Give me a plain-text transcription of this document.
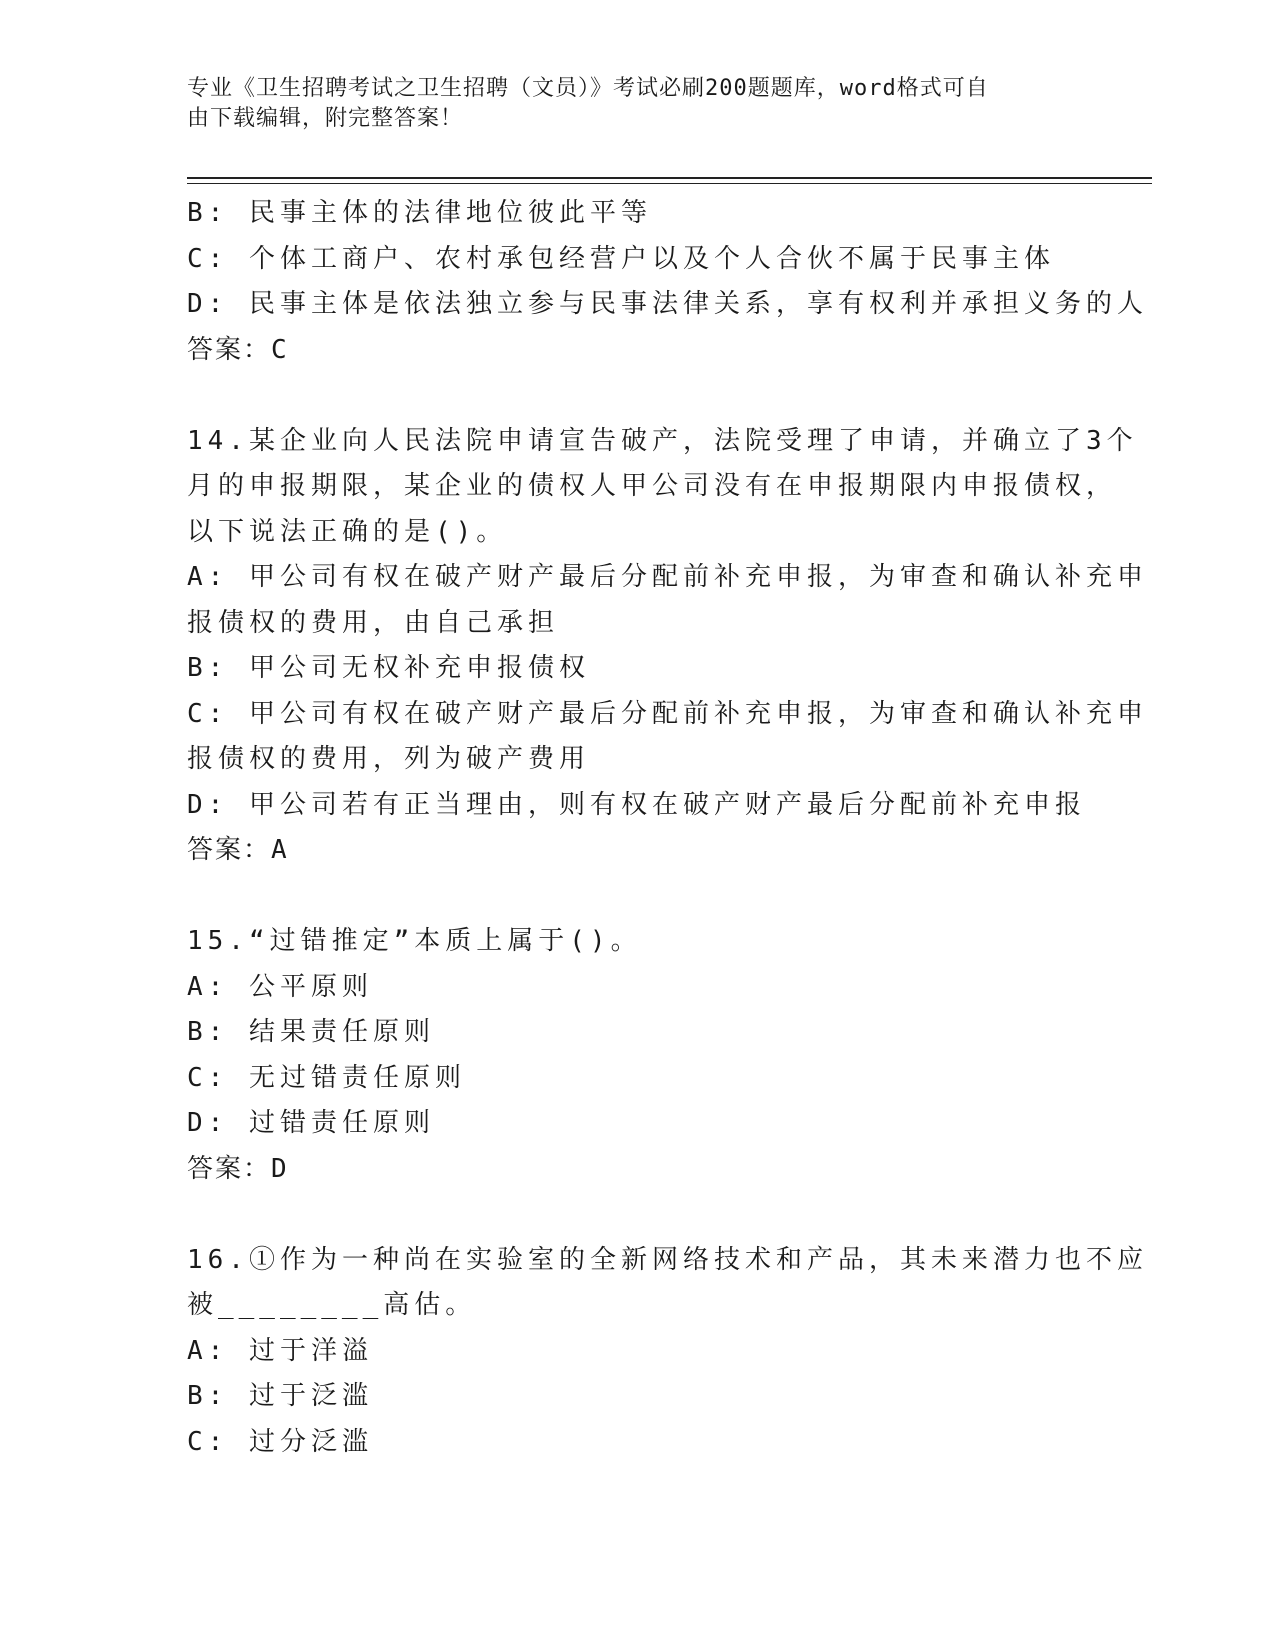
专业《卫生招聘考试之卫生招聘（文员）》考试必刷200题题库，word格式可自
由下载编辑，附完整答案！
B: 民事主体的法律地位彼此平等
C: 个体工商户、农村承包经营户以及个人合伙不属于民事主体
D: 民事主体是依法独立参与民事法律关系，享有权利并承担义务的人
答案：C
14.某企业向人民法院申请宣告破产，法院受理了申请，并确立了3个
月的申报期限，某企业的债权人甲公司没有在申报期限内申报债权，
以下说法正确的是()。
A: 甲公司有权在破产财产最后分配前补充申报，为审查和确认补充申
报债权的费用，由自己承担
B: 甲公司无权补充申报债权
C: 甲公司有权在破产财产最后分配前补充申报，为审查和确认补充申
报债权的费用，列为破产费用
D: 甲公司若有正当理由，则有权在破产财产最后分配前补充申报
答案：A
15.“过错推定”本质上属于()。
A: 公平原则
B: 结果责任原则
C: 无过错责任原则
D: 过错责任原则
答案：D
16.①作为一种尚在实验室的全新网络技术和产品，其未来潜力也不应
被________高估。
A: 过于洋溢
B: 过于泛滥
C: 过分泛滥
